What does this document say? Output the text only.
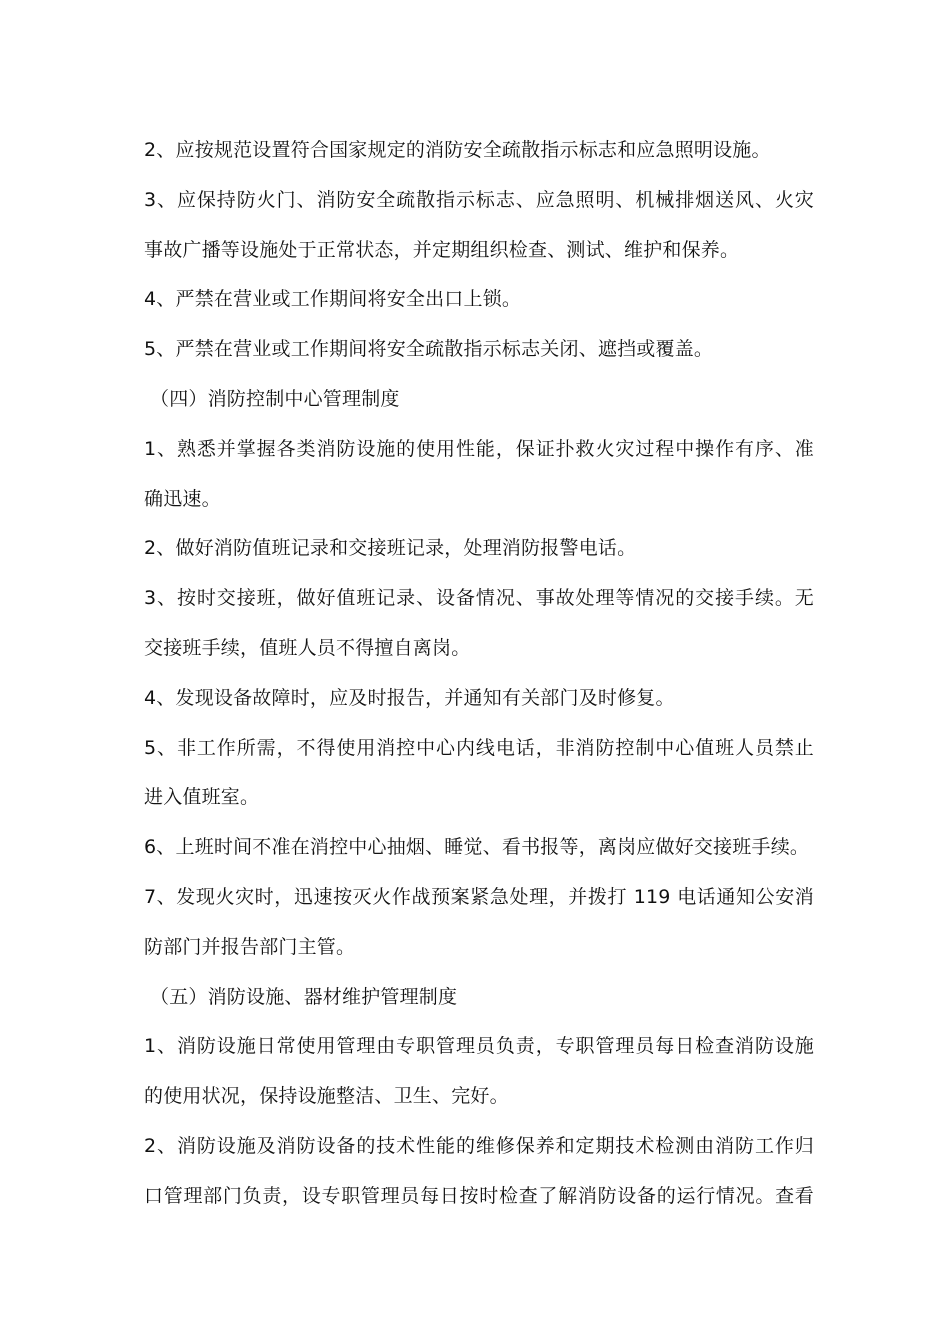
2、应按规范设置符合国家规定的消防安全疏散指示标志和应急照明设施。
3、应保持防火门、消防安全疏散指示标志、应急照明、机械排烟送风、火灾
事故广播等设施处于正常状态，并定期组织检查、测试、维护和保养。
4、严禁在营业或工作期间将安全出口上锁。
5、严禁在营业或工作期间将安全疏散指示标志关闭、遮挡或覆盖。
（四）消防控制中心管理制度
1、熟悉并掌握各类消防设施的使用性能，保证扑救火灾过程中操作有序、准
确迅速。
2、做好消防值班记录和交接班记录，处理消防报警电话。
3、按时交接班，做好值班记录、设备情况、事故处理等情况的交接手续。无
交接班手续，值班人员不得擅自离岗。
4、发现设备故障时，应及时报告，并通知有关部门及时修复。
5、非工作所需，不得使用消控中心内线电话，非消防控制中心值班人员禁止
进入值班室。
6、上班时间不准在消控中心抽烟、睡觉、看书报等，离岗应做好交接班手续。
7、发现火灾时，迅速按灭火作战预案紧急处理，并拨打 119 电话通知公安消
防部门并报告部门主管。
（五）消防设施、器材维护管理制度
1、消防设施日常使用管理由专职管理员负责，专职管理员每日检查消防设施
的使用状况，保持设施整洁、卫生、完好。
2、消防设施及消防设备的技术性能的维修保养和定期技术检测由消防工作归
口管理部门负责，设专职管理员每日按时检查了解消防设备的运行情况。查看
